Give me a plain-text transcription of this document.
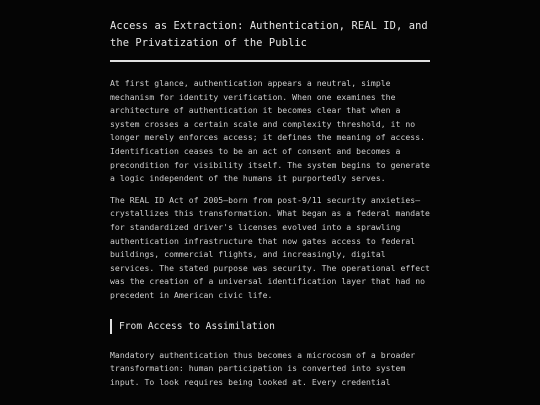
Access as Extraction: Authentication, REAL ID, and the Privatization of the Public

At first glance, authentication appears a neutral, simple mechanism for identity verification. When one examines the architecture of authentication it becomes clear that when a system crosses a certain scale and complexity threshold, it no longer merely enforces access; it defines the meaning of access. Identification ceases to be an act of consent and becomes a precondition for visibility itself. The system begins to generate a logic independent of the humans it purportedly serves.

The REAL ID Act of 2005—born from post-9/11 security anxieties—crystallizes this transformation. What began as a federal mandate for standardized driver's licenses evolved into a sprawling authentication infrastructure that now gates access to federal buildings, commercial flights, and increasingly, digital services. The stated purpose was security. The operational effect was the creation of a universal identification layer that had no precedent in American civic life.

From Access to Assimilation

Mandatory authentication thus becomes a microcosm of a broader transformation: human participation is converted into system input. To look requires being looked at. Every credential
